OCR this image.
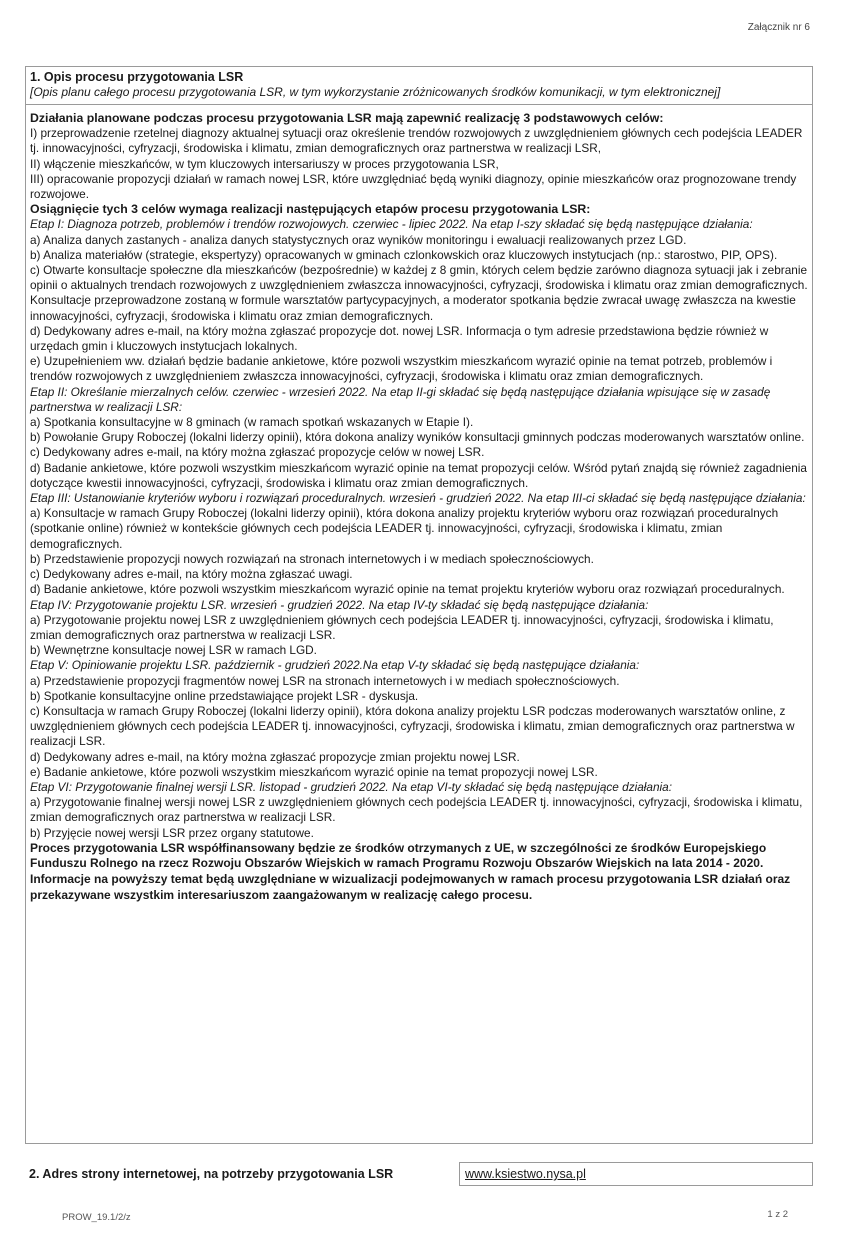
Załącznik nr 6
1. Opis procesu przygotowania LSR
[Opis planu całego procesu przygotowania LSR, w tym wykorzystanie zróżnicowanych środków komunikacji, w tym elektronicznej]

Działania planowane podczas procesu przygotowania LSR mają zapewnić realizację 3 podstawowych celów:

I) przeprowadzenie rzetelnej diagnozy aktualnej sytuacji oraz określenie trendów rozwojowych z uwzględnieniem głównych cech podejścia LEADER tj. innowacyjności, cyfryzacji, środowiska i klimatu, zmian demograficznych oraz partnerstwa w realizacji LSR,

II) włączenie mieszkańców, w tym kluczowych intersariuszy w proces przygotowania LSR,

III) opracowanie propozycji działań w ramach nowej LSR, które uwzględniać będą wyniki diagnozy, opinie mieszkańców oraz prognozowane trendy rozwojowe.

Osiągnięcie tych 3 celów wymaga realizacji następujących etapów procesu przygotowania LSR:

Etap I: Diagnoza potrzeb, problemów i trendów rozwojowych. czerwiec - lipiec 2022. Na etap I-szy składać się będą następujące działania:

a) Analiza danych zastanych - analiza danych statystycznych oraz wyników monitoringu i ewaluacji realizowanych przez LGD.

b) Analiza materiałów (strategie, ekspertyzy) opracowanych w gminach czlonkowskich oraz kluczowych instytucjach (np.: starostwo, PIP, OPS).

c) Otwarte konsultacje społeczne dla mieszkańców (bezpośrednie) w każdej z 8 gmin, których celem będzie zarówno diagnoza sytuacji jak i zebranie opinii o aktualnych trendach rozwojowych z uwzględnieniem zwłaszcza innowacyjności, cyfryzacji, środowiska i klimatu oraz zmian demograficznych. Konsultacje przeprowadzone zostaną w formule warsztatów partycypacyjnych, a moderator spotkania będzie zwracał uwagę zwłaszcza na kwestie innowacyjności, cyfryzacji, środowiska i klimatu oraz zmian demograficznych.

d) Dedykowany adres e-mail, na który można zgłaszać propozycje dot. nowej LSR. Informacja o tym adresie przedstawiona będzie również w urzędach gmin i kluczowych instytucjach lokalnych.

e) Uzupełnieniem ww. działań będzie badanie ankietowe, które pozwoli wszystkim mieszkańcom wyrazić opinie na temat potrzeb, problemów i trendów rozwojowych z uwzględnieniem zwłaszcza innowacyjności, cyfryzacji, środowiska i klimatu oraz zmian demograficznych.

Etap II: Określanie mierzalnych celów. czerwiec - wrzesień 2022. Na etap II-gi składać się będą następujące działania wpisujące się w zasadę partnerstwa w realizacji LSR:

a) Spotkania konsultacyjne w 8 gminach (w ramach spotkań wskazanych w Etapie I).

b) Powołanie Grupy Roboczej (lokalni liderzy opinii), która dokona analizy wyników konsultacji gminnych podczas moderowanych warsztatów online.

c) Dedykowany adres e-mail, na który można zgłaszać propozycje celów w nowej LSR.

d) Badanie ankietowe, które pozwoli wszystkim mieszkańcom wyrazić opinie na temat propozycji celów. Wśród pytań znajdą się również zagadnienia dotyczące kwestii innowacyjności, cyfryzacji, środowiska i klimatu oraz zmian demograficznych.

Etap III: Ustanowianie kryteriów wyboru i rozwiązań proceduralnych. wrzesień - grudzień 2022. Na etap III-ci składać się będą następujące działania:

a) Konsultacje w ramach Grupy Roboczej (lokalni liderzy opinii), która dokona analizy projektu kryteriów wyboru oraz rozwiązań proceduralnych (spotkanie online) również w kontekście głównych cech podejścia LEADER tj. innowacyjności, cyfryzacji, środowiska i klimatu, zmian demograficznych.

b) Przedstawienie propozycji nowych rozwiązań na stronach internetowych i w mediach społecznościowych.

c) Dedykowany adres e-mail, na który można zgłaszać uwagi.

d) Badanie ankietowe, które pozwoli wszystkim mieszkańcom wyrazić opinie na temat projektu kryteriów wyboru oraz rozwiązań proceduralnych.

Etap IV: Przygotowanie projektu LSR. wrzesień - grudzień 2022. Na etap IV-ty składać się będą następujące działania:

a) Przygotowanie projektu nowej LSR z uwzględnieniem głównych cech podejścia LEADER tj. innowacyjności, cyfryzacji, środowiska i klimatu, zmian demograficznych oraz partnerstwa w realizacji LSR.

b) Wewnętrzne konsultacje nowej LSR w ramach LGD.

Etap V: Opiniowanie projektu LSR. październik - grudzień 2022.Na etap V-ty składać się będą następujące działania:

a) Przedstawienie propozycji fragmentów nowej LSR na stronach internetowych i w mediach społecznościowych.

b) Spotkanie konsultacyjne online przedstawiające projekt LSR - dyskusja.

c) Konsultacja w ramach Grupy Roboczej (lokalni liderzy opinii), która dokona analizy projektu LSR podczas moderowanych warsztatów online, z uwzględnieniem głównych cech podejścia LEADER tj. innowacyjności, cyfryzacji, środowiska i klimatu, zmian demograficznych oraz partnerstwa w realizacji LSR.

d) Dedykowany adres e-mail, na który można zgłaszać propozycje zmian projektu nowej LSR.

e) Badanie ankietowe, które pozwoli wszystkim mieszkańcom wyrazić opinie na temat propozycji nowej LSR.

Etap VI: Przygotowanie finalnej wersji LSR. listopad - grudzień 2022. Na etap VI-ty składać się będą następujące działania:

a) Przygotowanie finalnej wersji nowej LSR z uwzględnieniem głównych cech podejścia LEADER tj. innowacyjności, cyfryzacji, środowiska i klimatu, zmian demograficznych oraz partnerstwa w realizacji LSR.

b) Przyjęcie nowej wersji LSR przez organy statutowe.

Proces przygotowania LSR współfinansowany będzie ze środków otrzymanych z UE, w szczególności ze środków Europejskiego Funduszu Rolnego na rzecz Rozwoju Obszarów Wiejskich w ramach Programu Rozwoju Obszarów Wiejskich na lata 2014 - 2020. Informacje na powyższy temat będą uwzględniane w wizualizacji podejmowanych w ramach procesu przygotowania LSR działań oraz przekazywane wszystkim interesariuszom zaangażowanym w realizację całego procesu.

2. Adres strony internetowej, na potrzeby przygotowania LSR	www.ksiestwo.nysa.pl
PROW_19.1/2/z	1 z 2
